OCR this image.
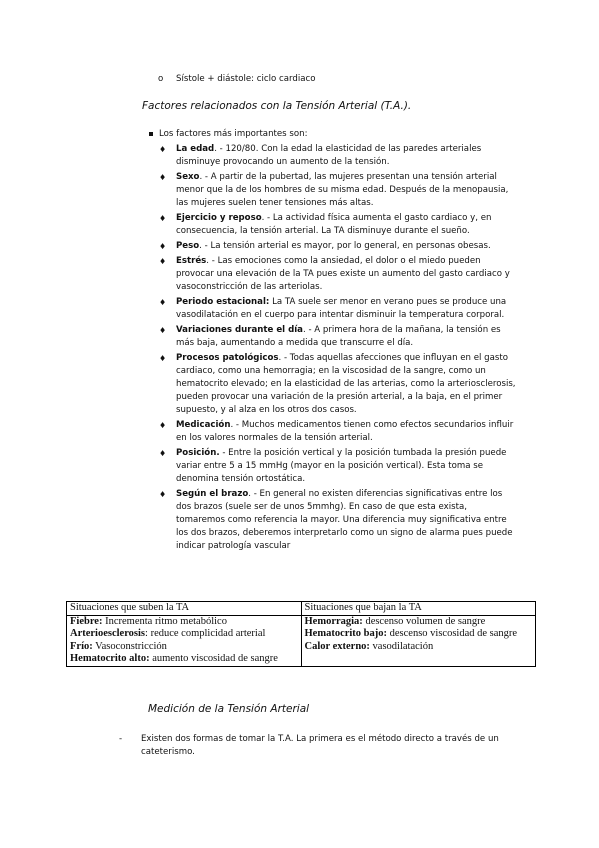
o Sístole + diástole: ciclo cardiaco
Factores relacionados con la Tensión Arterial (T.A.).
Los factores más importantes son:
♦ La edad. - 120/80. Con la edad la elasticidad de las paredes arteriales disminuye provocando un aumento de la tensión.
♦ Sexo. - A partir de la pubertad, las mujeres presentan una tensión arterial menor que la de los hombres de su misma edad. Después de la menopausia, las mujeres suelen tener tensiones más altas.
♦ Ejercicio y reposo. - La actividad física aumenta el gasto cardiaco y, en consecuencia, la tensión arterial. La TA disminuye durante el sueño.
♦ Peso. - La tensión arterial es mayor, por lo general, en personas obesas.
♦ Estrés. - Las emociones como la ansiedad, el dolor o el miedo pueden provocar una elevación de la TA pues existe un aumento del gasto cardiaco y vasoconstricción de las arteriolas.
♦ Periodo estacional: La TA suele ser menor en verano pues se produce una vasodilatación en el cuerpo para intentar disminuir la temperatura corporal.
♦ Variaciones durante el día. - A primera hora de la mañana, la tensión es más baja, aumentando a medida que transcurre el día.
♦ Procesos patológicos. - Todas aquellas afecciones que influyan en el gasto cardiaco, como una hemorragia; en la viscosidad de la sangre, como un hematocrito elevado; en la elasticidad de las arterias, como la arteriosclerosis, pueden provocar una variación de la presión arterial, a la baja, en el primer supuesto, y al alza en los otros dos casos.
♦ Medicación. - Muchos medicamentos tienen como efectos secundarios influir en los valores normales de la tensión arterial.
♦ Posición. - Entre la posición vertical y la posición tumbada la presión puede variar entre 5 a 15 mmHg (mayor en la posición vertical). Esta toma se denomina tensión ortostática.
♦ Según el brazo. - En general no existen diferencias significativas entre los dos brazos (suele ser de unos 5mmhg). En caso de que esta exista, tomaremos como referencia la mayor. Una diferencia muy significativa entre los dos brazos, deberemos interpretarlo como un signo de alarma pues puede indicar patrología vascular
Situaciones que suben la TA	Situaciones que bajan la TA
Fiebre: Incrementa ritmo metabólico	Hemorragia: descenso volumen de sangre
Arterioesclerosis: reduce complicidad arterial	Hematocrito bajo: descenso viscosidad de sangre
Frío: Vasoconstricción	Calor externo: vasodilatación
Hematocrito alto: aumento viscosidad de sangre	
Medición de la Tensión Arterial
- Existen dos formas de tomar la T.A. La primera es el método directo a través de un cateterismo.
